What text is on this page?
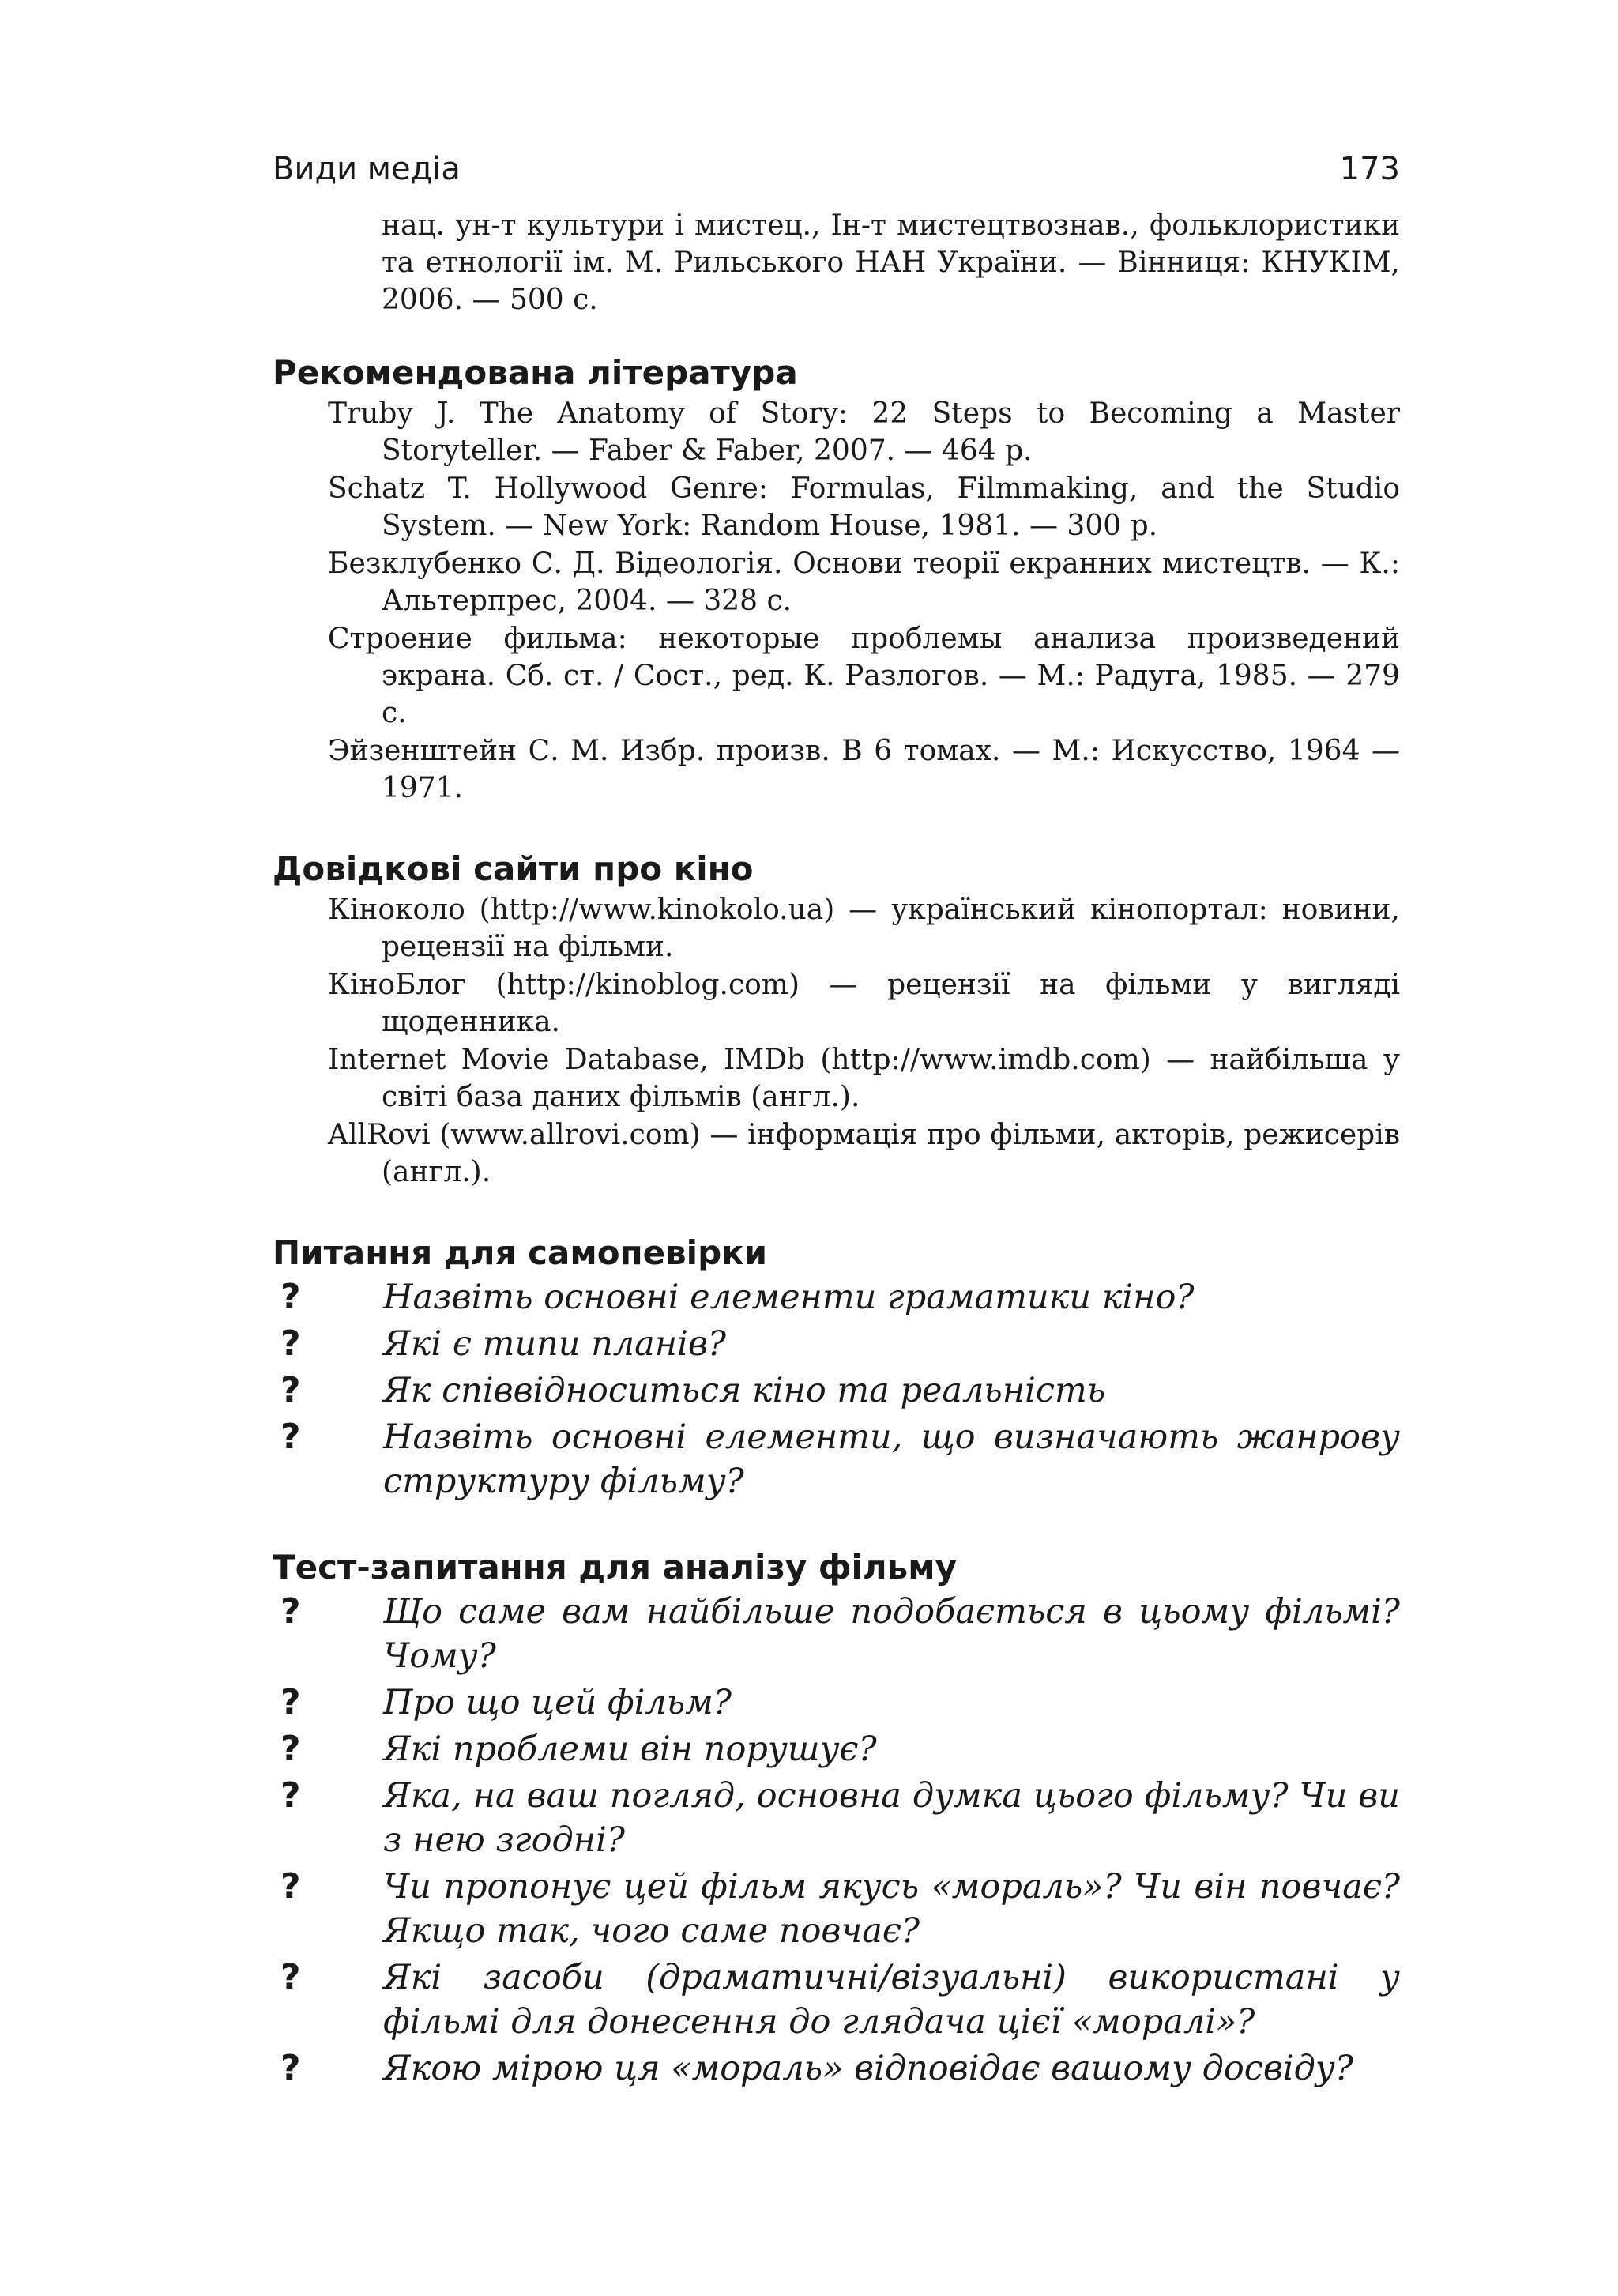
Види медіа	173

нац. ун-т культури і мистец., Ін-т мистецтвознав., фольклористики та етнології ім. М. Рильського НАН України. — Вінниця: КНУКІМ, 2006. — 500 с.

Рекомендована література

Truby J. The Anatomy of Story: 22 Steps to Becoming a Master Storyteller. — Faber & Faber, 2007. — 464 p.

Schatz T. Hollywood Genre: Formulas, Filmmaking, and the Studio System. — New York: Random House, 1981. — 300 p.

Безклубенко С. Д. Відеологія. Основи теорії екранних мистецтв. — К.: Альтерпрес, 2004. — 328 с.

Строение фильма: некоторые проблемы анализа произведений экрана. Сб. ст. / Сост., ред. К. Разлогов. — М.: Радуга, 1985. — 279 с.

Эйзенштейн С. М. Избр. произв. В 6 томах. — М.: Искусство, 1964 — 1971.

Довідкові сайти про кіно

Кіноколо (http://www.kinokolo.ua) — український кінопортал: новини, рецензії на фільми.

КіноБлог (http://kinoblog.com) — рецензії на фільми у вигляді щоденника.

Internet Movie Database, IMDb (http://www.imdb.com) — найбільша у світі база даних фільмів (англ.).

AllRovi (www.allrovi.com) — інформація про фільми, акторів, режисерів (англ.).

Питання для самопевірки
? Назвіть основні елементи граматики кіно?
? Які є типи планів?
? Як співвідноситься кіно та реальність
? Назвіть основні елементи, що визначають жанрову структуру фільму?
Тест-запитання для аналізу фільму
? Що саме вам найбільше подобається в цьому фільмі? Чому?
? Про що цей фільм?
? Які проблеми він порушує?
? Яка, на ваш погляд, основна думка цього фільму? Чи ви з нею згодні?
? Чи пропонує цей фільм якусь «мораль»? Чи він повчає? Якщо так, чого саме повчає?
? Які засоби (драматичні/візуальні) використані у фільмі для донесення до глядача цієї «моралі»?
? Якою мірою ця «мораль» відповідає вашому досвіду?
